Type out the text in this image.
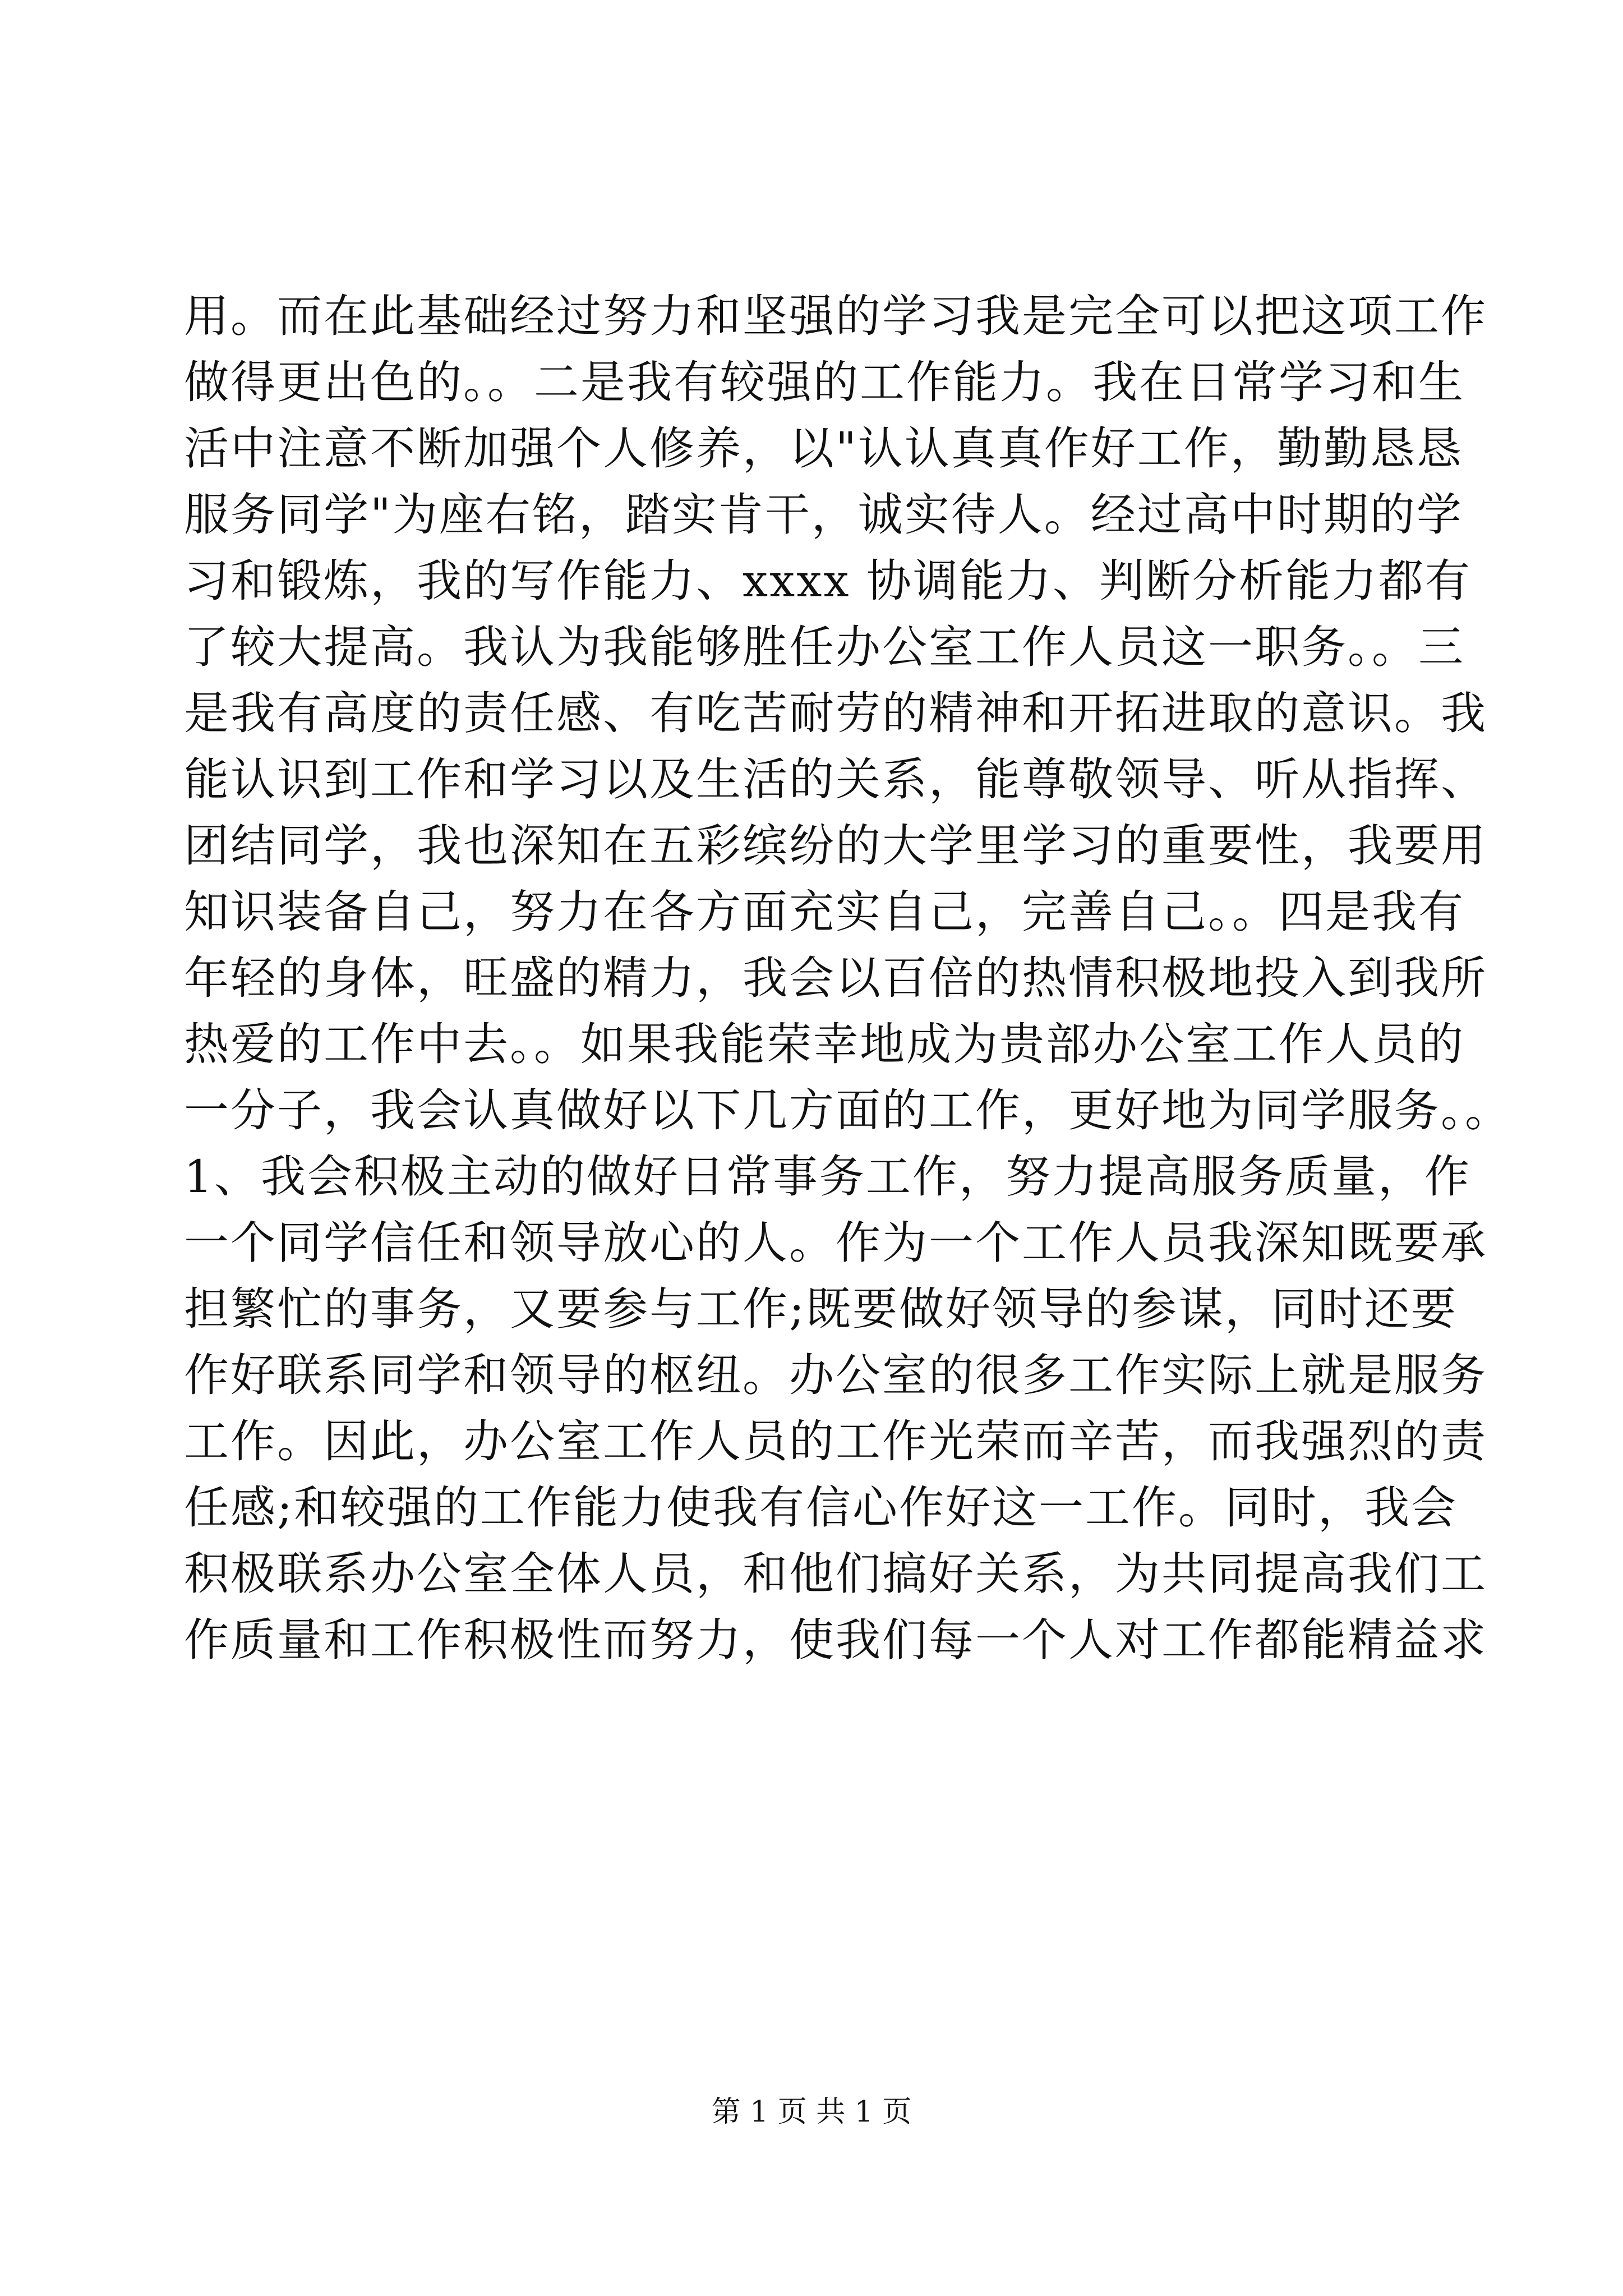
用。而在此基础经过努力和坚强的学习我是完全可以把这项工作
做得更出色的。。二是我有较强的工作能力。我在日常学习和生
活中注意不断加强个人修养，以"认认真真作好工作，勤勤恳恳
服务同学"为座右铭，踏实肯干，诚实待人。经过高中时期的学
习和锻炼，我的写作能力、xxxx 协调能力、判断分析能力都有
了较大提高。我认为我能够胜任办公室工作人员这一职务。。三
是我有高度的责任感、有吃苦耐劳的精神和开拓进取的意识。我
能认识到工作和学习以及生活的关系，能尊敬领导、听从指挥、
团结同学，我也深知在五彩缤纷的大学里学习的重要性，我要用
知识装备自己，努力在各方面充实自己，完善自己。。四是我有
年轻的身体，旺盛的精力，我会以百倍的热情积极地投入到我所
热爱的工作中去。。如果我能荣幸地成为贵部办公室工作人员的
一分子，我会认真做好以下几方面的工作，更好地为同学服务。。
1、我会积极主动的做好日常事务工作，努力提高服务质量，作
一个同学信任和领导放心的人。作为一个工作人员我深知既要承
担繁忙的事务，又要参与工作;既要做好领导的参谋，同时还要
作好联系同学和领导的枢纽。办公室的很多工作实际上就是服务
工作。因此，办公室工作人员的工作光荣而辛苦，而我强烈的责
任感;和较强的工作能力使我有信心作好这一工作。同时，我会
积极联系办公室全体人员，和他们搞好关系，为共同提高我们工
作质量和工作积极性而努力，使我们每一个人对工作都能精益求
第 1 页 共 1 页
